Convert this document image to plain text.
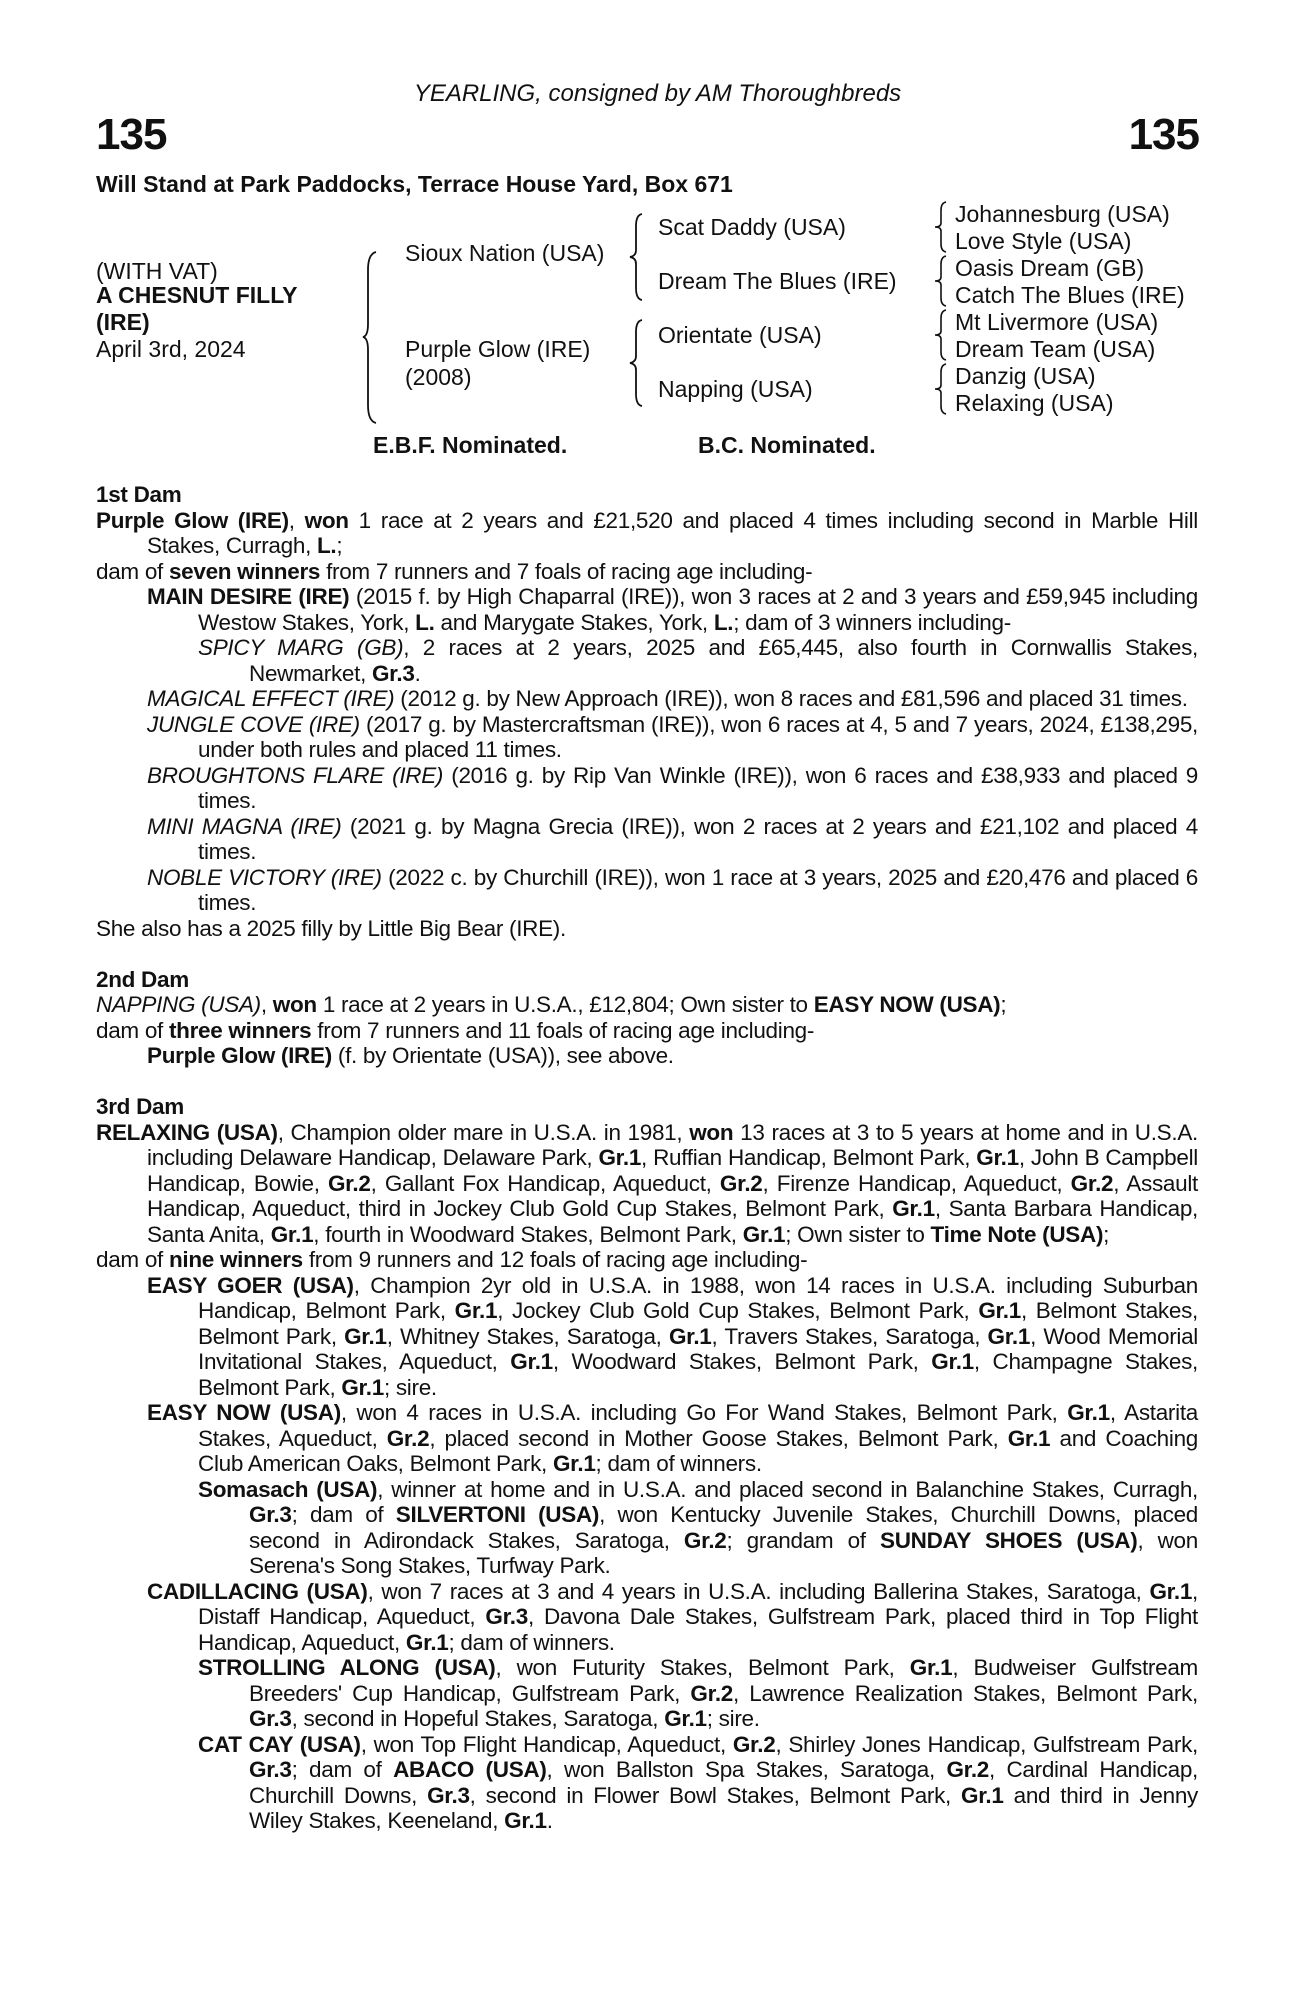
YEARLING, consigned by AM Thoroughbreds
135	135
Will Stand at Park Paddocks, Terrace House Yard, Box 671
(WITH VAT)
A CHESNUT FILLY
(IRE)
April 3rd, 2024
Sioux Nation (USA)
Purple Glow (IRE)
(2008)
Scat Daddy (USA)
Dream The Blues (IRE)
Orientate (USA)
Napping (USA)
Johannesburg (USA)
Love Style (USA)
Oasis Dream (GB)
Catch The Blues (IRE)
Mt Livermore (USA)
Dream Team (USA)
Danzig (USA)
Relaxing (USA)
E.B.F. Nominated.	B.C. Nominated.
1st Dam
Purple Glow (IRE), won 1 race at 2 years and £21,520 and placed 4 times including second in Marble Hill Stakes, Curragh, L.;
dam of seven winners from 7 runners and 7 foals of racing age including-
MAIN DESIRE (IRE) (2015 f. by High Chaparral (IRE)), won 3 races at 2 and 3 years and £59,945 including Westow Stakes, York, L. and Marygate Stakes, York, L.; dam of 3 winners including-
SPICY MARG (GB), 2 races at 2 years, 2025 and £65,445, also fourth in Cornwallis Stakes, Newmarket, Gr.3.
MAGICAL EFFECT (IRE) (2012 g. by New Approach (IRE)), won 8 races and £81,596 and placed 31 times.
JUNGLE COVE (IRE) (2017 g. by Mastercraftsman (IRE)), won 6 races at 4, 5 and 7 years, 2024, £138,295, under both rules and placed 11 times.
BROUGHTONS FLARE (IRE) (2016 g. by Rip Van Winkle (IRE)), won 6 races and £38,933 and placed 9 times.
MINI MAGNA (IRE) (2021 g. by Magna Grecia (IRE)), won 2 races at 2 years and £21,102 and placed 4 times.
NOBLE VICTORY (IRE) (2022 c. by Churchill (IRE)), won 1 race at 3 years, 2025 and £20,476 and placed 6 times.
She also has a 2025 filly by Little Big Bear (IRE).
2nd Dam
NAPPING (USA), won 1 race at 2 years in U.S.A., £12,804; Own sister to EASY NOW (USA);
dam of three winners from 7 runners and 11 foals of racing age including-
Purple Glow (IRE) (f. by Orientate (USA)), see above.
3rd Dam
RELAXING (USA), Champion older mare in U.S.A. in 1981, won 13 races at 3 to 5 years at home and in U.S.A. including Delaware Handicap, Delaware Park, Gr.1, Ruffian Handicap, Belmont Park, Gr.1, John B Campbell Handicap, Bowie, Gr.2, Gallant Fox Handicap, Aqueduct, Gr.2, Firenze Handicap, Aqueduct, Gr.2, Assault Handicap, Aqueduct, third in Jockey Club Gold Cup Stakes, Belmont Park, Gr.1, Santa Barbara Handicap, Santa Anita, Gr.1, fourth in Woodward Stakes, Belmont Park, Gr.1; Own sister to Time Note (USA);
dam of nine winners from 9 runners and 12 foals of racing age including-
EASY GOER (USA), Champion 2yr old in U.S.A. in 1988, won 14 races in U.S.A. including Suburban Handicap, Belmont Park, Gr.1, Jockey Club Gold Cup Stakes, Belmont Park, Gr.1, Belmont Stakes, Belmont Park, Gr.1, Whitney Stakes, Saratoga, Gr.1, Travers Stakes, Saratoga, Gr.1, Wood Memorial Invitational Stakes, Aqueduct, Gr.1, Woodward Stakes, Belmont Park, Gr.1, Champagne Stakes, Belmont Park, Gr.1; sire.
EASY NOW (USA), won 4 races in U.S.A. including Go For Wand Stakes, Belmont Park, Gr.1, Astarita Stakes, Aqueduct, Gr.2, placed second in Mother Goose Stakes, Belmont Park, Gr.1 and Coaching Club American Oaks, Belmont Park, Gr.1; dam of winners.
Somasach (USA), winner at home and in U.S.A. and placed second in Balanchine Stakes, Curragh, Gr.3; dam of SILVERTONI (USA), won Kentucky Juvenile Stakes, Churchill Downs, placed second in Adirondack Stakes, Saratoga, Gr.2; grandam of SUNDAY SHOES (USA), won Serena's Song Stakes, Turfway Park.
CADILLACING (USA), won 7 races at 3 and 4 years in U.S.A. including Ballerina Stakes, Saratoga, Gr.1, Distaff Handicap, Aqueduct, Gr.3, Davona Dale Stakes, Gulfstream Park, placed third in Top Flight Handicap, Aqueduct, Gr.1; dam of winners.
STROLLING ALONG (USA), won Futurity Stakes, Belmont Park, Gr.1, Budweiser Gulfstream Breeders' Cup Handicap, Gulfstream Park, Gr.2, Lawrence Realization Stakes, Belmont Park, Gr.3, second in Hopeful Stakes, Saratoga, Gr.1; sire.
CAT CAY (USA), won Top Flight Handicap, Aqueduct, Gr.2, Shirley Jones Handicap, Gulfstream Park, Gr.3; dam of ABACO (USA), won Ballston Spa Stakes, Saratoga, Gr.2, Cardinal Handicap, Churchill Downs, Gr.3, second in Flower Bowl Stakes, Belmont Park, Gr.1 and third in Jenny Wiley Stakes, Keeneland, Gr.1.
